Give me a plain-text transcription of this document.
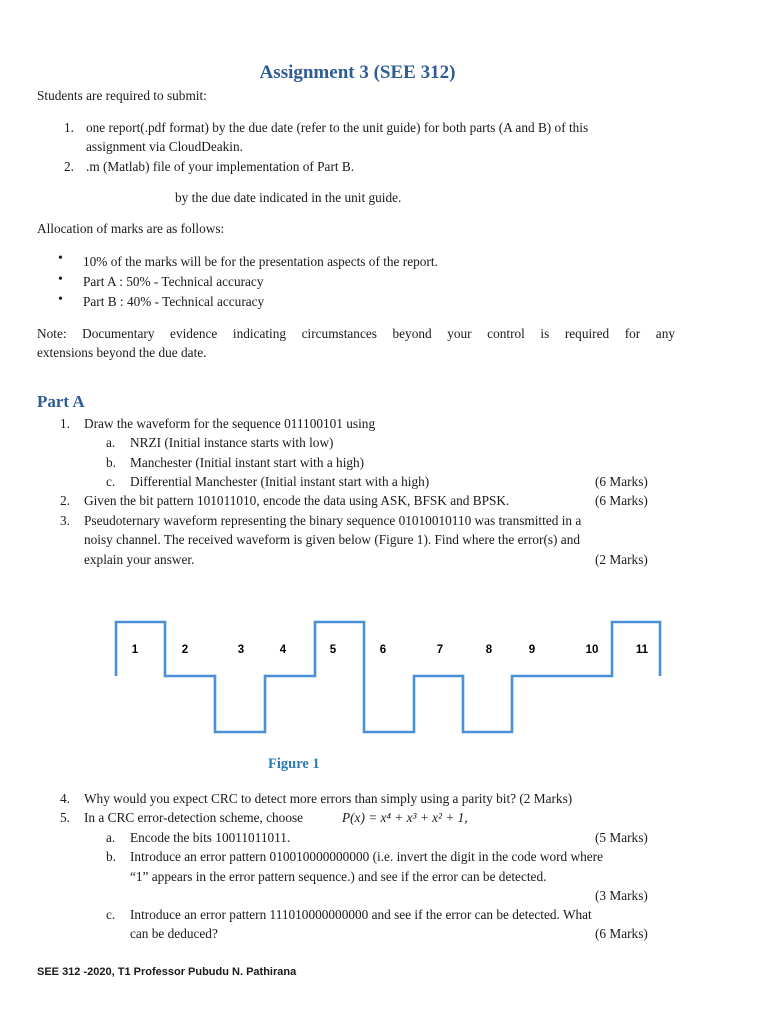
Assignment 3 (SEE 312)
Students are required to submit:
1. one report(.pdf format) by the due date (refer to the unit guide) for both parts (A and B) of this
assignment via CloudDeakin.
2. .m (Matlab) file of your implementation of Part B.
by the due date indicated in the unit guide.
Allocation of marks are as follows:
• 10% of the marks will be for the presentation aspects of the report.
• Part A : 50% - Technical accuracy
• Part B : 40% - Technical accuracy
Note: Documentary evidence indicating circumstances beyond your control is required for any
extensions beyond the due date.
Part A
1. Draw the waveform for the sequence 011100101 using
a. NRZI (Initial instance starts with low)
b. Manchester (Initial instant start with a high)
c. Differential Manchester (Initial instant start with a high)	(6 Marks)
2. Given the bit pattern 101011010, encode the data using ASK, BFSK and BPSK.	(6 Marks)
3. Pseudoternary waveform representing the binary sequence 01010010110 was transmitted in a
noisy channel. The received waveform is given below (Figure 1). Find where the error(s) and
explain your answer.	(2 Marks)
1	2	3	4	5	6	7	8	9	10	11
Figure 1
4. Why would you expect CRC to detect more errors than simply using a parity bit? (2 Marks)
5. In a CRC error-detection scheme, choose	P(x) = x⁴ + x³ + x² + 1,
a. Encode the bits 10011011011.	(5 Marks)
b. Introduce an error pattern 010010000000000 (i.e. invert the digit in the code word where
“1” appears in the error pattern sequence.) and see if the error can be detected.
(3 Marks)
c. Introduce an error pattern 111010000000000 and see if the error can be detected. What
can be deduced?	(6 Marks)
SEE 312 -2020, T1 Professor Pubudu N. Pathirana
